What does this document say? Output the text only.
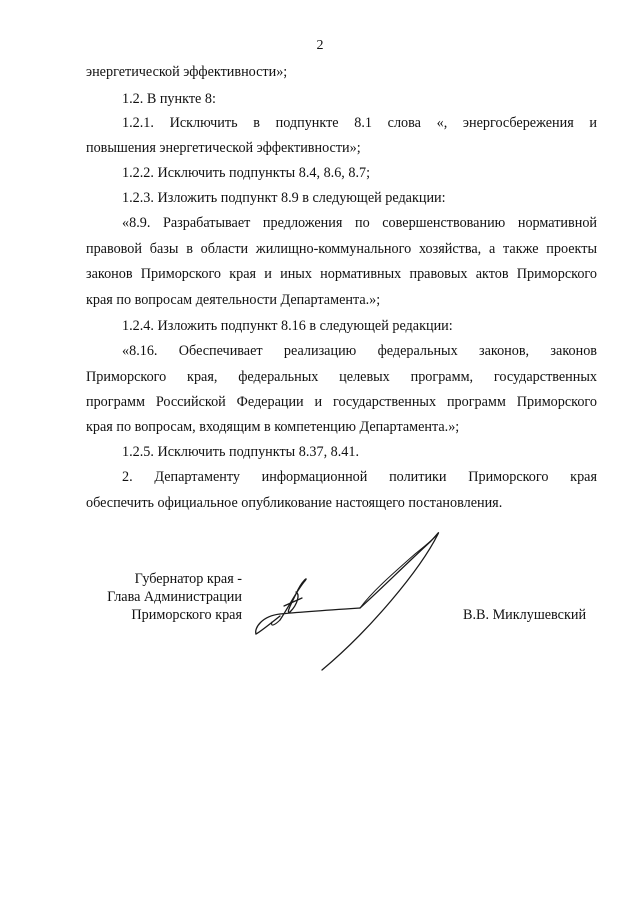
2
энергетической эффективности»;
1.2. В пункте 8:
1.2.1. Исключить в подпункте 8.1 слова «, энергосбережения и
повышения энергетической эффективности»;
1.2.2. Исключить подпункты 8.4, 8.6, 8.7;
1.2.3. Изложить подпункт 8.9 в следующей редакции:
«8.9. Разрабатывает предложения по совершенствованию нормативной
правовой базы в области жилищно-коммунального хозяйства, а также проекты
законов Приморского края и иных нормативных правовых актов Приморского
края по вопросам деятельности Департамента.»;
1.2.4. Изложить подпункт 8.16 в следующей редакции:
«8.16. Обеспечивает реализацию федеральных законов, законов
Приморского края, федеральных целевых программ, государственных
программ Российской Федерации и государственных программ Приморского
края по вопросам, входящим в компетенцию Департамента.»;
1.2.5. Исключить подпункты 8.37, 8.41.
2. Департаменту информационной политики Приморского края
обеспечить официальное опубликование настоящего постановления.
Губернатор края -
Глава Администрации
Приморского края	В.В. Миклушевский
